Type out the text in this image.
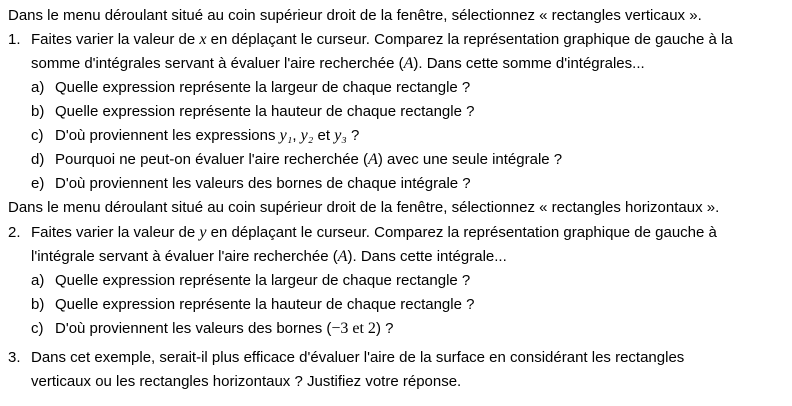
Dans le menu déroulant situé au coin supérieur droit de la fenêtre, sélectionnez « rectangles verticaux ».
1. Faites varier la valeur de x en déplaçant le curseur. Comparez la représentation graphique de gauche à la
somme d'intégrales servant à évaluer l'aire recherchée (A). Dans cette somme d'intégrales...
a) Quelle expression représente la largeur de chaque rectangle ?
b) Quelle expression représente la hauteur de chaque rectangle ?
c) D'où proviennent les expressions y₁, y₂ et y₃ ?
d) Pourquoi ne peut-on évaluer l'aire recherchée (A) avec une seule intégrale ?
e) D'où proviennent les valeurs des bornes de chaque intégrale ?
Dans le menu déroulant situé au coin supérieur droit de la fenêtre, sélectionnez « rectangles horizontaux ».
2. Faites varier la valeur de y en déplaçant le curseur. Comparez la représentation graphique de gauche à
l'intégrale servant à évaluer l'aire recherchée (A). Dans cette intégrale...
a) Quelle expression représente la largeur de chaque rectangle ?
b) Quelle expression représente la hauteur de chaque rectangle ?
c) D'où proviennent les valeurs des bornes (−3 et 2) ?
3. Dans cet exemple, serait-il plus efficace d'évaluer l'aire de la surface en considérant les rectangles
verticaux ou les rectangles horizontaux ? Justifiez votre réponse.
